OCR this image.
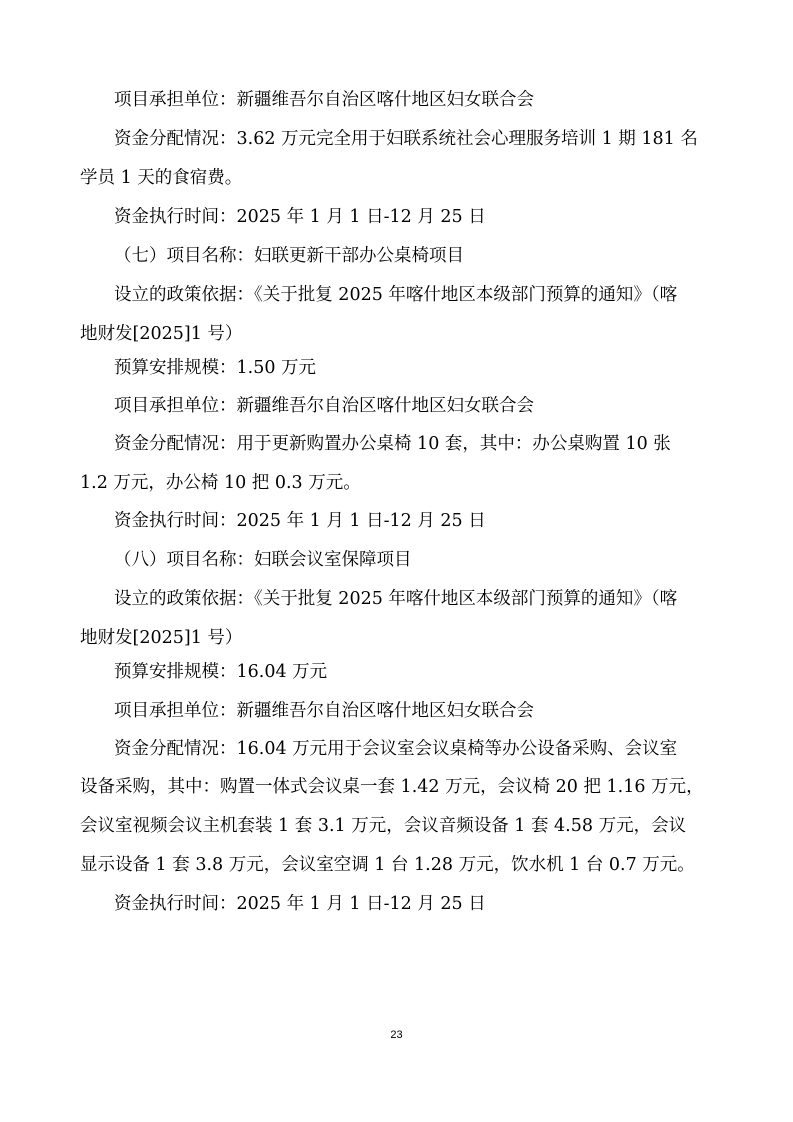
项目承担单位：新疆维吾尔自治区喀什地区妇女联合会
资金分配情况：3.62 万元完全用于妇联系统社会心理服务培训 1 期 181 名
学员 1 天的食宿费。
资金执行时间：2025 年 1 月 1 日-12 月 25 日
（七）项目名称：妇联更新干部办公桌椅项目
设立的政策依据：《关于批复 2025 年喀什地区本级部门预算的通知》（喀
地财发[2025]1 号）
预算安排规模：1.50 万元
项目承担单位：新疆维吾尔自治区喀什地区妇女联合会
资金分配情况：用于更新购置办公桌椅 10 套，其中：办公桌购置 10 张
1.2 万元，办公椅 10 把 0.3 万元。
资金执行时间：2025 年 1 月 1 日-12 月 25 日
（八）项目名称：妇联会议室保障项目
设立的政策依据：《关于批复 2025 年喀什地区本级部门预算的通知》（喀
地财发[2025]1 号）
预算安排规模：16.04 万元
项目承担单位：新疆维吾尔自治区喀什地区妇女联合会
资金分配情况：16.04 万元用于会议室会议桌椅等办公设备采购、会议室
设备采购，其中：购置一体式会议桌一套 1.42 万元，会议椅 20 把 1.16 万元，
会议室视频会议主机套装 1 套 3.1 万元，会议音频设备 1 套 4.58 万元，会议
显示设备 1 套 3.8 万元，会议室空调 1 台 1.28 万元，饮水机 1 台 0.7 万元。
资金执行时间：2025 年 1 月 1 日-12 月 25 日
23
